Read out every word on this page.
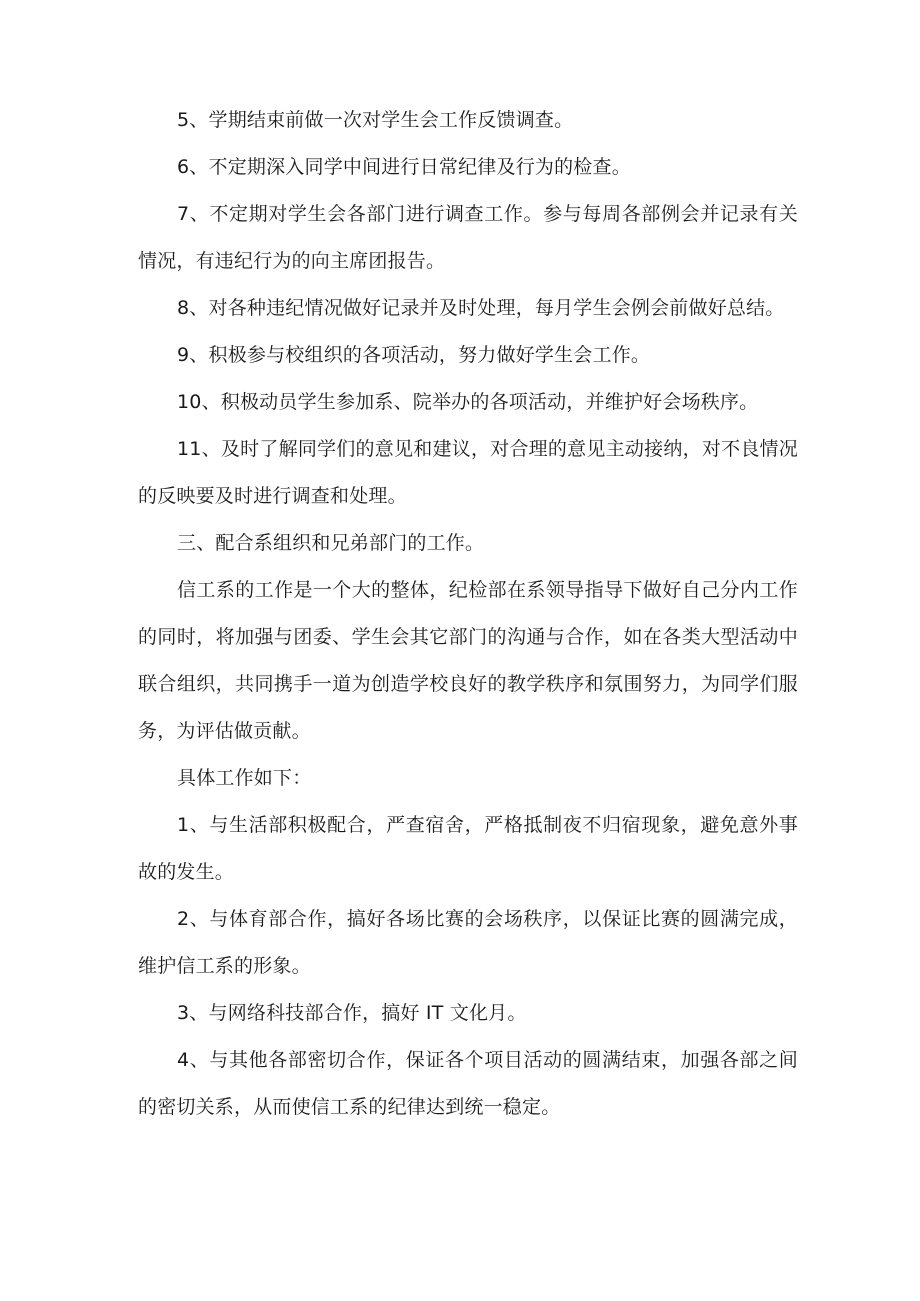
5、学期结束前做一次对学生会工作反馈调查。

6、不定期深入同学中间进行日常纪律及行为的检查。

7、不定期对学生会各部门进行调查工作。参与每周各部例会并记录有关情况，有违纪行为的向主席团报告。

8、对各种违纪情况做好记录并及时处理，每月学生会例会前做好总结。

9、积极参与校组织的各项活动，努力做好学生会工作。

10、积极动员学生参加系、院举办的各项活动，并维护好会场秩序。

11、及时了解同学们的意见和建议，对合理的意见主动接纳，对不良情况的反映要及时进行调查和处理。

三、配合系组织和兄弟部门的工作。

信工系的工作是一个大的整体，纪检部在系领导指导下做好自己分内工作的同时，将加强与团委、学生会其它部门的沟通与合作，如在各类大型活动中联合组织，共同携手一道为创造学校良好的教学秩序和氛围努力，为同学们服务，为评估做贡献。

具体工作如下：

1、与生活部积极配合，严查宿舍，严格抵制夜不归宿现象，避免意外事故的发生。

2、与体育部合作，搞好各场比赛的会场秩序，以保证比赛的圆满完成，维护信工系的形象。

3、与网络科技部合作，搞好 IT 文化月。

4、与其他各部密切合作，保证各个项目活动的圆满结束，加强各部之间的密切关系，从而使信工系的纪律达到统一稳定。
